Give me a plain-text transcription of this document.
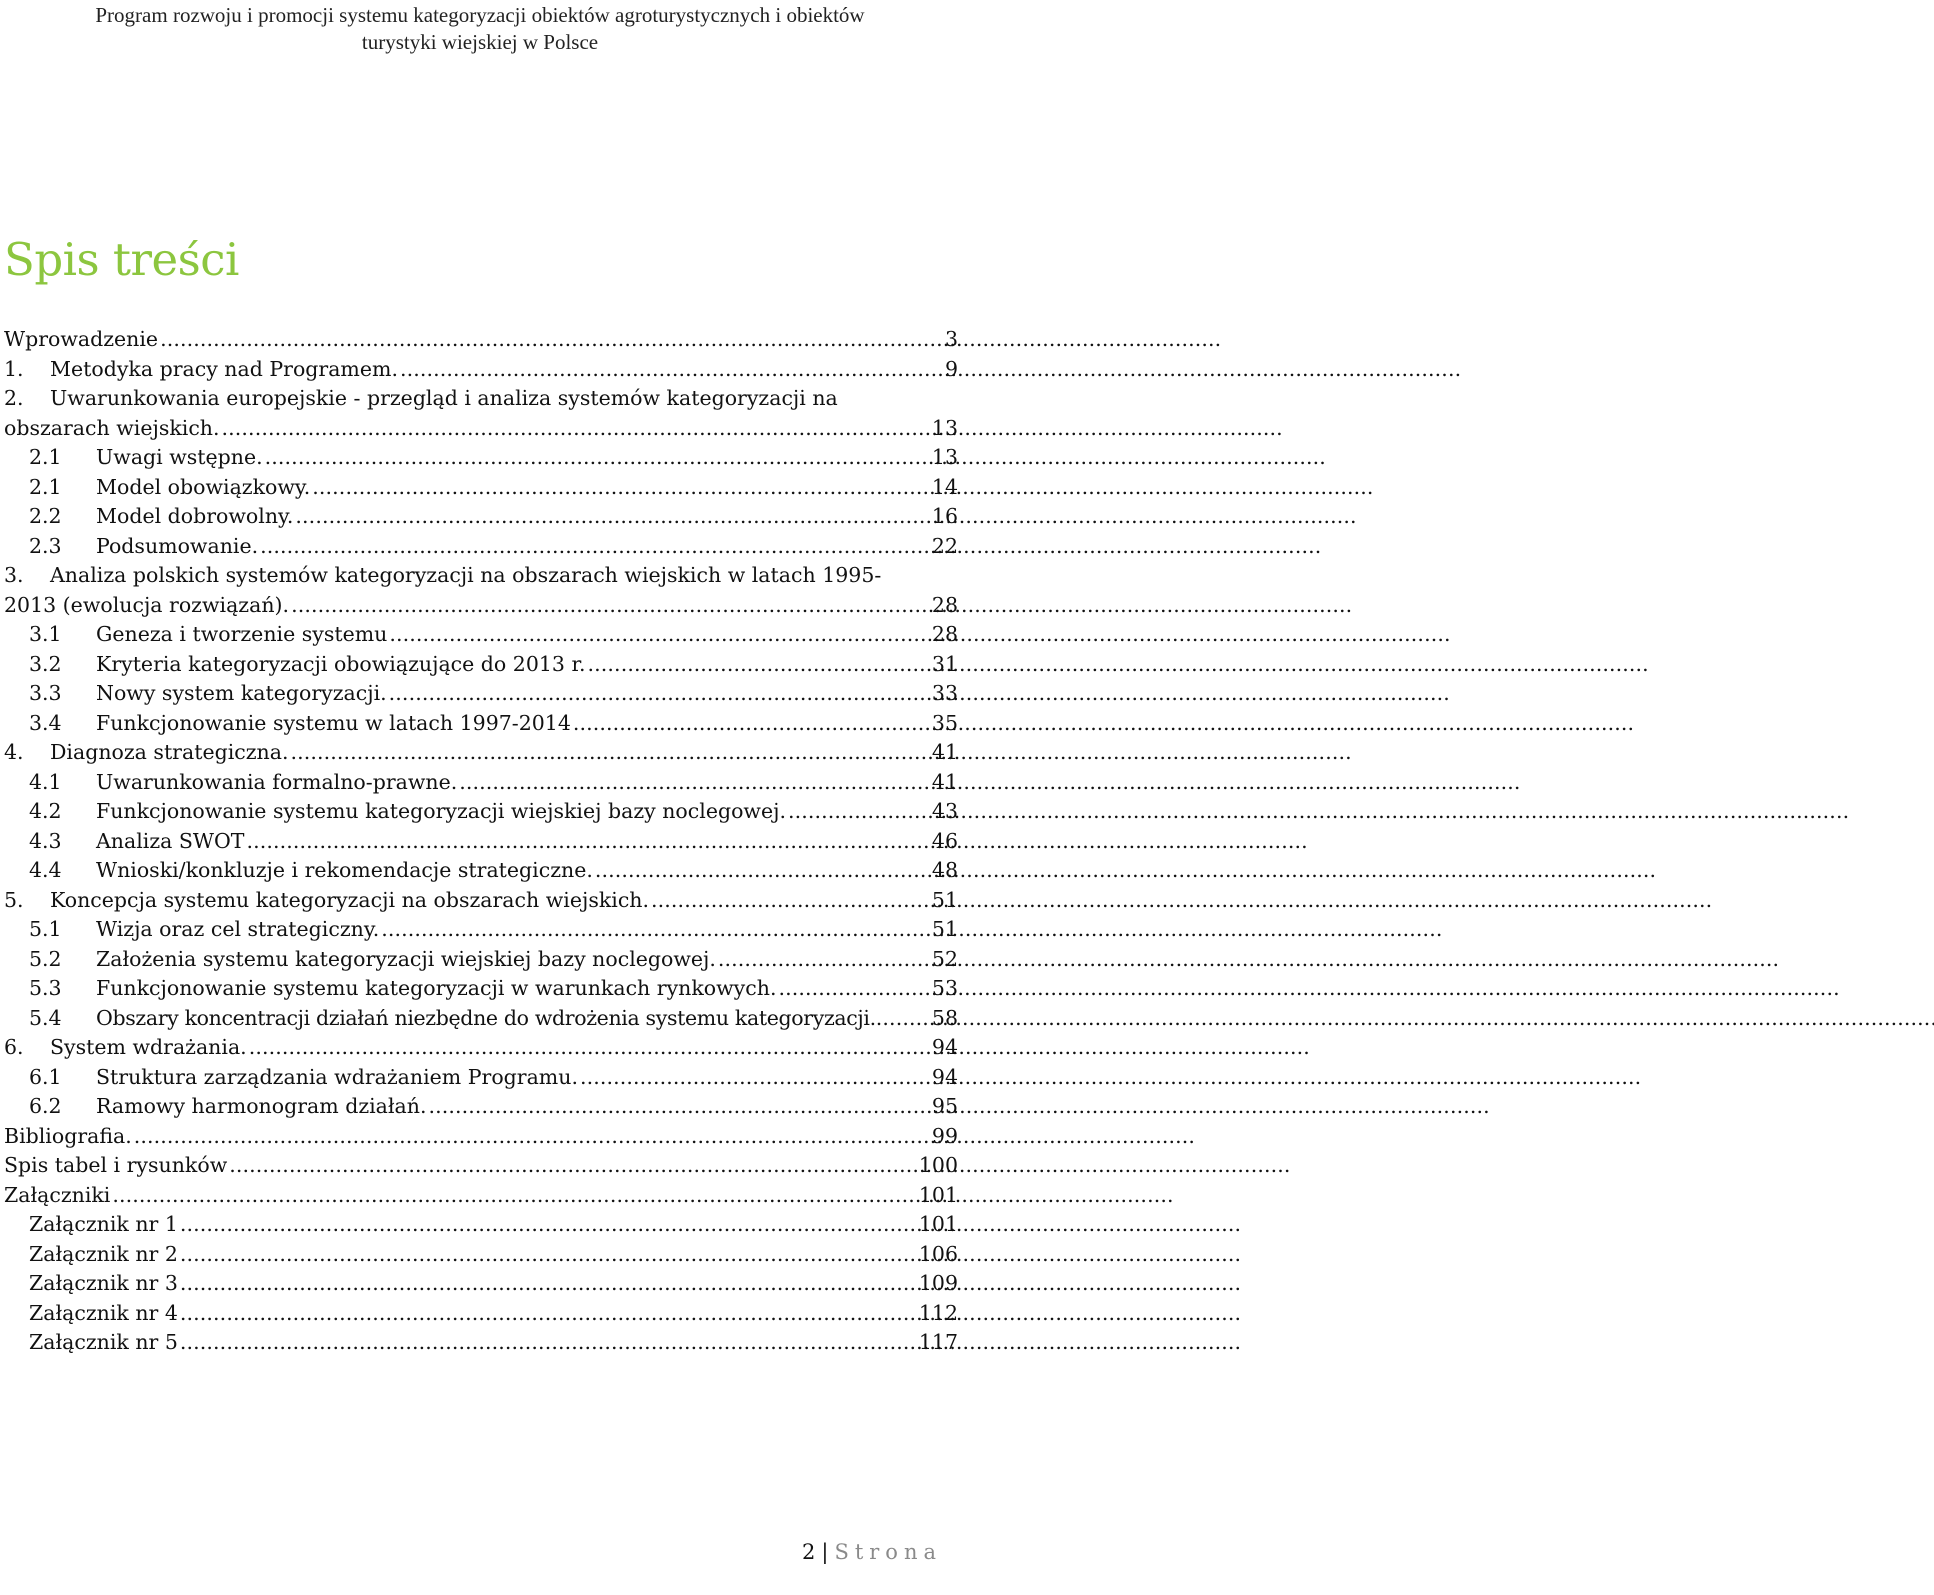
Program rozwoju i promocji systemu kategoryzacji obiektów agroturystycznych i obiektów
turystyki wiejskiej w Polsce
Spis treści
Wprowadzenie . . .	3
1.	Metodyka pracy nad Programem. . . .	9
2. Uwarunkowania europejskie - przegląd i analiza systemów kategoryzacji na
obszarach wiejskich. . . .	13
2.1	Uwagi wstępne. . . .	13
2.1	Model obowiązkowy. . . .	14
2.2	Model dobrowolny. . . .	16
2.3	Podsumowanie. . . .	22
3. Analiza polskich systemów kategoryzacji na obszarach wiejskich w latach 1995-
2013 (ewolucja rozwiązań). . . .	28
3.1	Geneza i tworzenie systemu . . .	28
3.2	Kryteria kategoryzacji obowiązujące do 2013 r. . . .	31
3.3	Nowy system kategoryzacji. . . .	33
3.4	Funkcjonowanie systemu w latach 1997-2014 . . .	35
4.	Diagnoza strategiczna. . . .	41
4.1	Uwarunkowania formalno-prawne. . . .	41
4.2	Funkcjonowanie systemu kategoryzacji wiejskiej bazy noclegowej. . . .	43
4.3	Analiza SWOT . . .	46
4.4	Wnioski/konkluzje i rekomendacje strategiczne. . . .	48
5.	Koncepcja systemu kategoryzacji na obszarach wiejskich. . . .	51
5.1	Wizja oraz cel strategiczny. . . .	51
5.2	Założenia systemu kategoryzacji wiejskiej bazy noclegowej. . . .	52
5.3	Funkcjonowanie systemu kategoryzacji w warunkach rynkowych. . . .	53
5.4	Obszary koncentracji działań niezbędne do wdrożenia systemu kategoryzacji. . . .	58
6.	System wdrażania. . . .	94
6.1	Struktura zarządzania wdrażaniem Programu. . . .	94
6.2	Ramowy harmonogram działań. . . .	95
Bibliografia. . . .	99
Spis tabel i rysunków . . .	100
Załączniki . . .	101
Załącznik nr 1 . . .	101
Załącznik nr 2 . . .	106
Załącznik nr 3 . . .	109
Załącznik nr 4 . . .	112
Załącznik nr 5 . . .	117
2 | Strona
